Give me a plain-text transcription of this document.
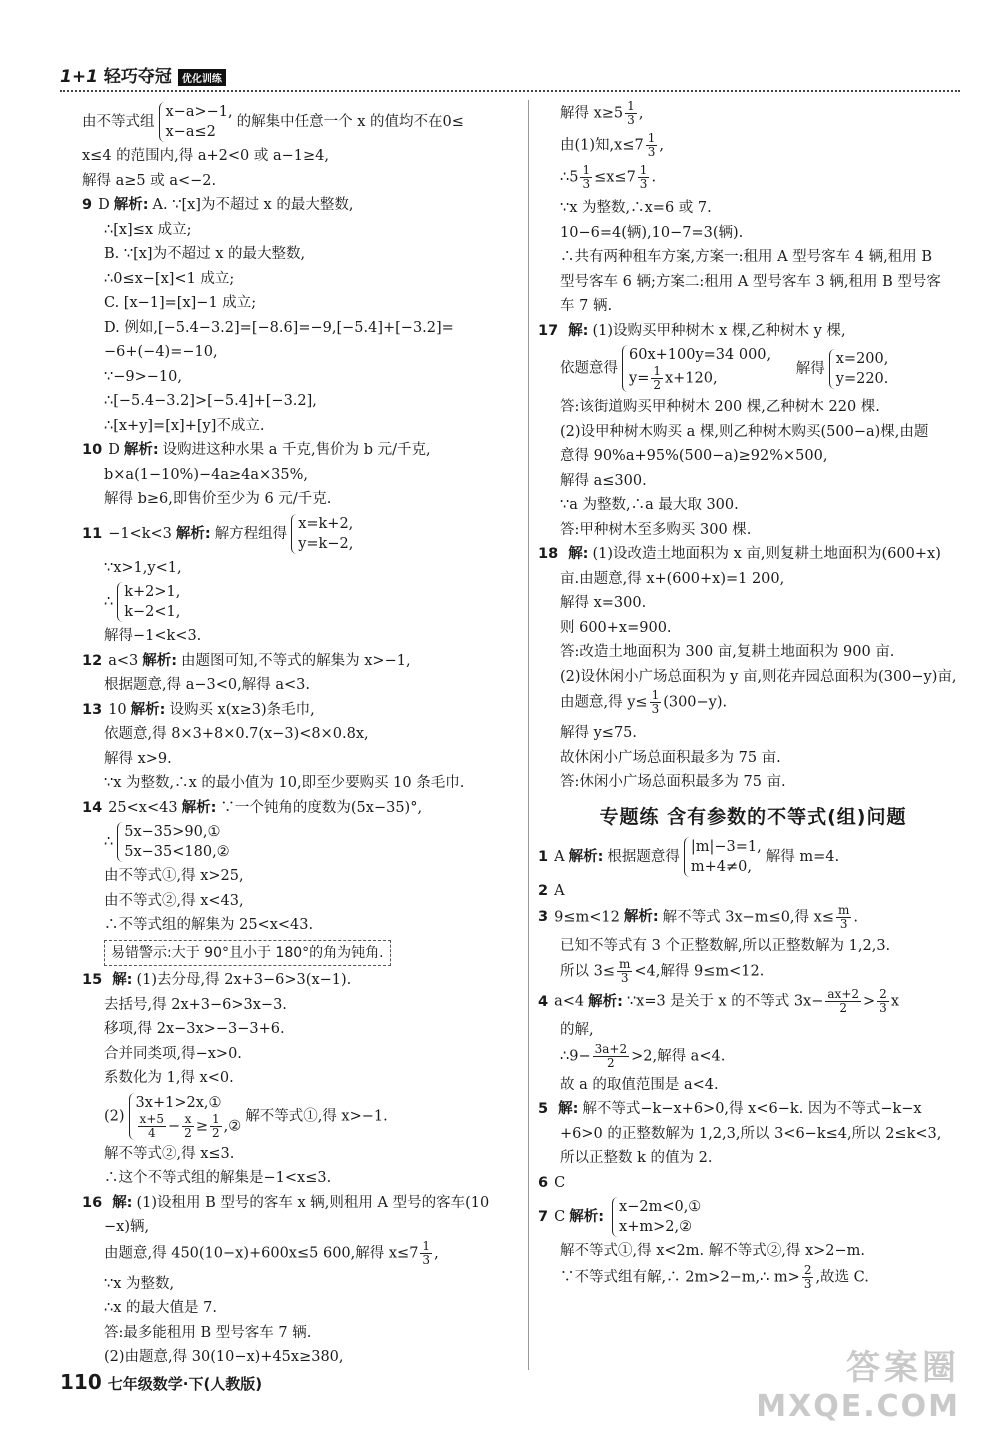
1+1 轻巧夺冠 优化训练
由不等式组x−a>−1,
x−a≤2的解集中任意一个 x 的值均不在0≤
x≤4 的范围内,得 a+2<0 或 a−1≥4,
解得 a≥5 或 a<−2.
9 D 解析: A. ∵[x]为不超过 x 的最大整数,
∴[x]≤x 成立;
B. ∵[x]为不超过 x 的最大整数,
∴0≤x−[x]<1 成立;
C. [x−1]=[x]−1 成立;
D. 例如,[−5.4−3.2]=[−8.6]=−9,[−5.4]+[−3.2]=
−6+(−4)=−10,
∵−9>−10,
∴[−5.4−3.2]>[−5.4]+[−3.2],
∴[x+y]=[x]+[y]不成立.
10 D 解析: 设购进这种水果 a 千克,售价为 b 元/千克,
b×a(1−10%)−4a≥4a×35%,
解得 b≥6,即售价至少为 6 元/千克.
11 −1<k<3 解析: 解方程组得x=k+2,
y=k−2,
∵x>1,y<1,
∴k+2>1,
k−2<1,
解得−1<k<3.
12 a<3 解析: 由题图可知,不等式的解集为 x>−1,
根据题意,得 a−3<0,解得 a<3.
13 10 解析: 设购买 x(x≥3)条毛巾,
依题意,得 8×3+8×0.7(x−3)<8×0.8x,
解得 x>9.
∵x 为整数,∴x 的最小值为 10,即至少要购买 10 条毛巾.
14 25<x<43 解析: ∵一个钝角的度数为(5x−35)°,
∴5x−35>90,①
5x−35<180,②
由不等式①,得 x>25,
由不等式②,得 x<43,
∴不等式组的解集为 25<x<43.
易错警示:大于 90°且小于 180°的角为钝角.
15 解: (1)去分母,得 2x+3−6>3(x−1).
去括号,得 2x+3−6>3x−3.
移项,得 2x−3x>−3−3+6.
合并同类项,得−x>0.
系数化为 1,得 x<0.
(2)3x+1>2x,①

$\frac{x+5}{4} - \frac{x}{2} \ge \frac{1}{2}$ ,②解不等式①,得 x>−1.
解不等式②,得 x≤3.
∴这个不等式组的解集是−1<x≤3.
16 解: (1)设租用 B 型号的客车 x 辆,则租用 A 型号的客车(10
−x)辆,
由题意,得 450(10−x)+600x≤5 600,解得 $x\le 7 \frac{1}{3}$ ,
∵x 为整数,
∴x 的最大值是 7.
答:最多能租用 B 型号客车 7 辆.
(2)由题意,得 30(10−x)+45x≥380,
解得 $x\ge 5 \frac{1}{3}$ ,
由(1)知$,x\le 7 \frac{1}{3}$ ,
∴5 $\frac{1}{3} \le x\le 7 \frac{1}{3}$ .
∵x 为整数,∴x=6 或 7.
10−6=4(辆),10−7=3(辆).
∴共有两种租车方案,方案一:租用 A 型号客车 4 辆,租用 B
型号客车 6 辆;方案二:租用 A 型号客车 3 辆,租用 B 型号客
车 7 辆.
17 解: (1)设购买甲种树木 x 棵,乙种树木 y 棵,
依题意得60x+100y=34 000,
$y= \frac{1}{2} x+120$, 解得x=200,
y=220.
答:该街道购买甲种树木 200 棵,乙种树木 220 棵.
(2)设甲种树木购买 a 棵,则乙种树木购买(500−a)棵,由题
意得 90%a+95%(500−a)≥92%×500,
解得 a≤300.
∵a 为整数,∴a 最大取 300.
答:甲种树木至多购买 300 棵.
18 解: (1)设改造土地面积为 x 亩,则复耕土地面积为(600+x)
亩.由题意,得 x+(600+x)=1 200,
解得 x=300.
则 600+x=900.
答:改造土地面积为 300 亩,复耕土地面积为 900 亩.
(2)设休闲小广场总面积为 y 亩,则花卉园总面积为(300−y)亩,
由题意,得 $y\le \frac{1}{3} (300-y)$.
解得 y≤75.
故休闲小广场总面积最多为 75 亩.
答:休闲小广场总面积最多为 75 亩.
专题练 含有参数的不等式(组)问题
1 A 解析: 根据题意得|m|−3=1,
m+4≠0,解得 m=4.
2 A
3 9≤m<12 解析: 解不等式 3x−m≤0,得 $x\le \frac{m}{3}$ .
已知不等式有 3 个正整数解,所以正整数解为 1,2,3.
所以 $3\le \frac{m}{3} <4$,解得 9≤m<12.
4 a<4 解析: ∵x=3 是关于 x 的不等式 $3x- \frac{ax+2}{2} > \frac{2}{3}$ x
的解,
∴9− $\frac{3a+2}{2} >2$,解得 a<4.
故 a 的取值范围是 a<4.
5 解: 解不等式−k−x+6>0,得 x<6−k. 因为不等式−k−x
+6>0 的正整数解为 1,2,3,所以 3<6−k≤4,所以 2≤k<3,
所以正整数 k 的值为 2.
6 C
7 C 解析:x−2m<0,①
x+m>2,②
解不等式①,得 x<2m. 解不等式②,得 x>2−m.
∵不等式组有解,∴ 2m>2−m,∴ $m> \frac{2}{3}$ ,故选 C.
110 七年级数学·下(人教版)	答案圈
MXQE.COM
